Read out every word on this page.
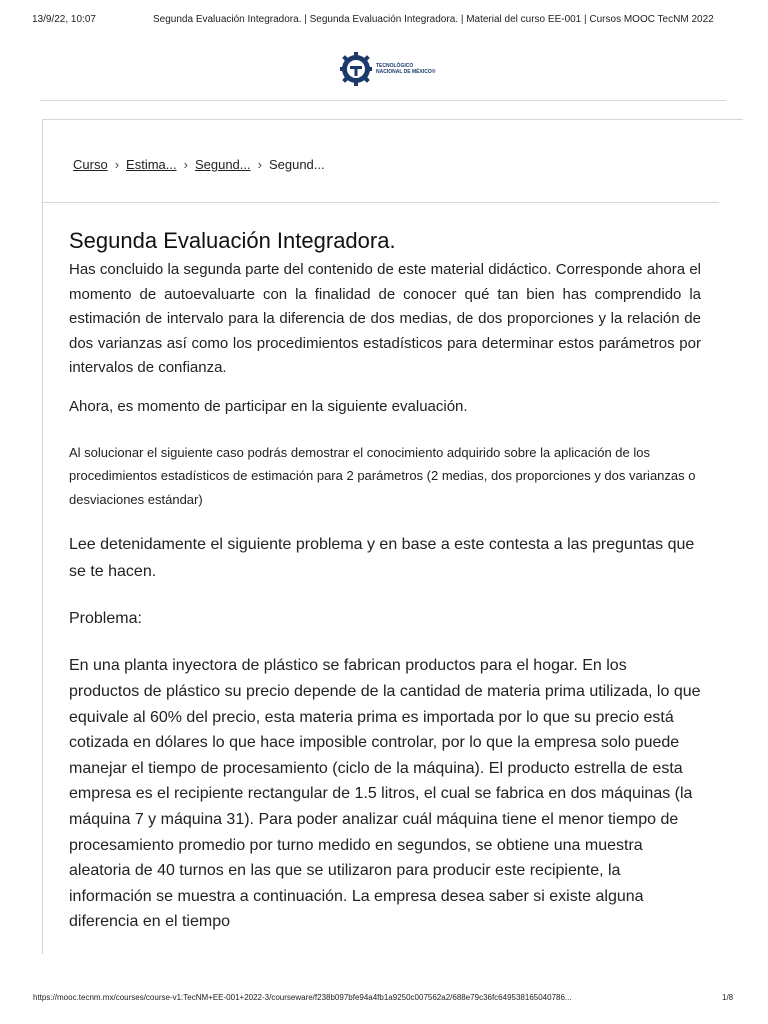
13/9/22, 10:07	Segunda Evaluación Integradora. | Segunda Evaluación Integradora. | Material del curso EE-001 | Cursos MOOC TecNM 2022
TECNOLÓGICO
NACIONAL DE MÉXICO®
Curso › Estima... › Segund... › Segund...
Segunda Evaluación Integradora.

Has concluido la segunda parte del contenido de este material didáctico. Corresponde ahora el momento de autoevaluarte con la finalidad de conocer qué tan bien has comprendido la estimación de intervalo para la diferencia de dos medias, de dos proporciones y la relación de dos varianzas así como los procedimientos estadísticos para determinar estos parámetros por intervalos de confianza.

Ahora, es momento de participar en la siguiente evaluación.

Al solucionar el siguiente caso podrás demostrar el conocimiento adquirido sobre la aplicación de los procedimientos estadísticos de estimación para 2 parámetros (2 medias, dos proporciones y dos varianzas o desviaciones estándar)

Lee detenidamente el siguiente problema y en base a este contesta a las preguntas que se te hacen.

Problema:

En una planta inyectora de plástico se fabrican productos para el hogar. En los productos de plástico su precio depende de la cantidad de materia prima utilizada, lo que equivale al 60% del precio, esta materia prima es importada por lo que su precio está cotizada en dólares lo que hace imposible controlar, por lo que la empresa solo puede manejar el tiempo de procesamiento (ciclo de la máquina). El producto estrella de esta empresa es el recipiente rectangular de 1.5 litros, el cual se fabrica en dos máquinas (la máquina 7 y máquina 31). Para poder analizar cuál máquina tiene el menor tiempo de procesamiento promedio por turno medido en segundos, se obtiene una muestra aleatoria de 40 turnos en las que se utilizaron para producir este recipiente, la información se muestra a continuación. La empresa desea saber si existe alguna diferencia en el tiempo

https://mooc.tecnm.mx/courses/course-v1:TecNM+EE-001+2022-3/courseware/f238b097bfe94a4fb1a9250c007562a2/688e79c36fc649538165040786...	1/8
